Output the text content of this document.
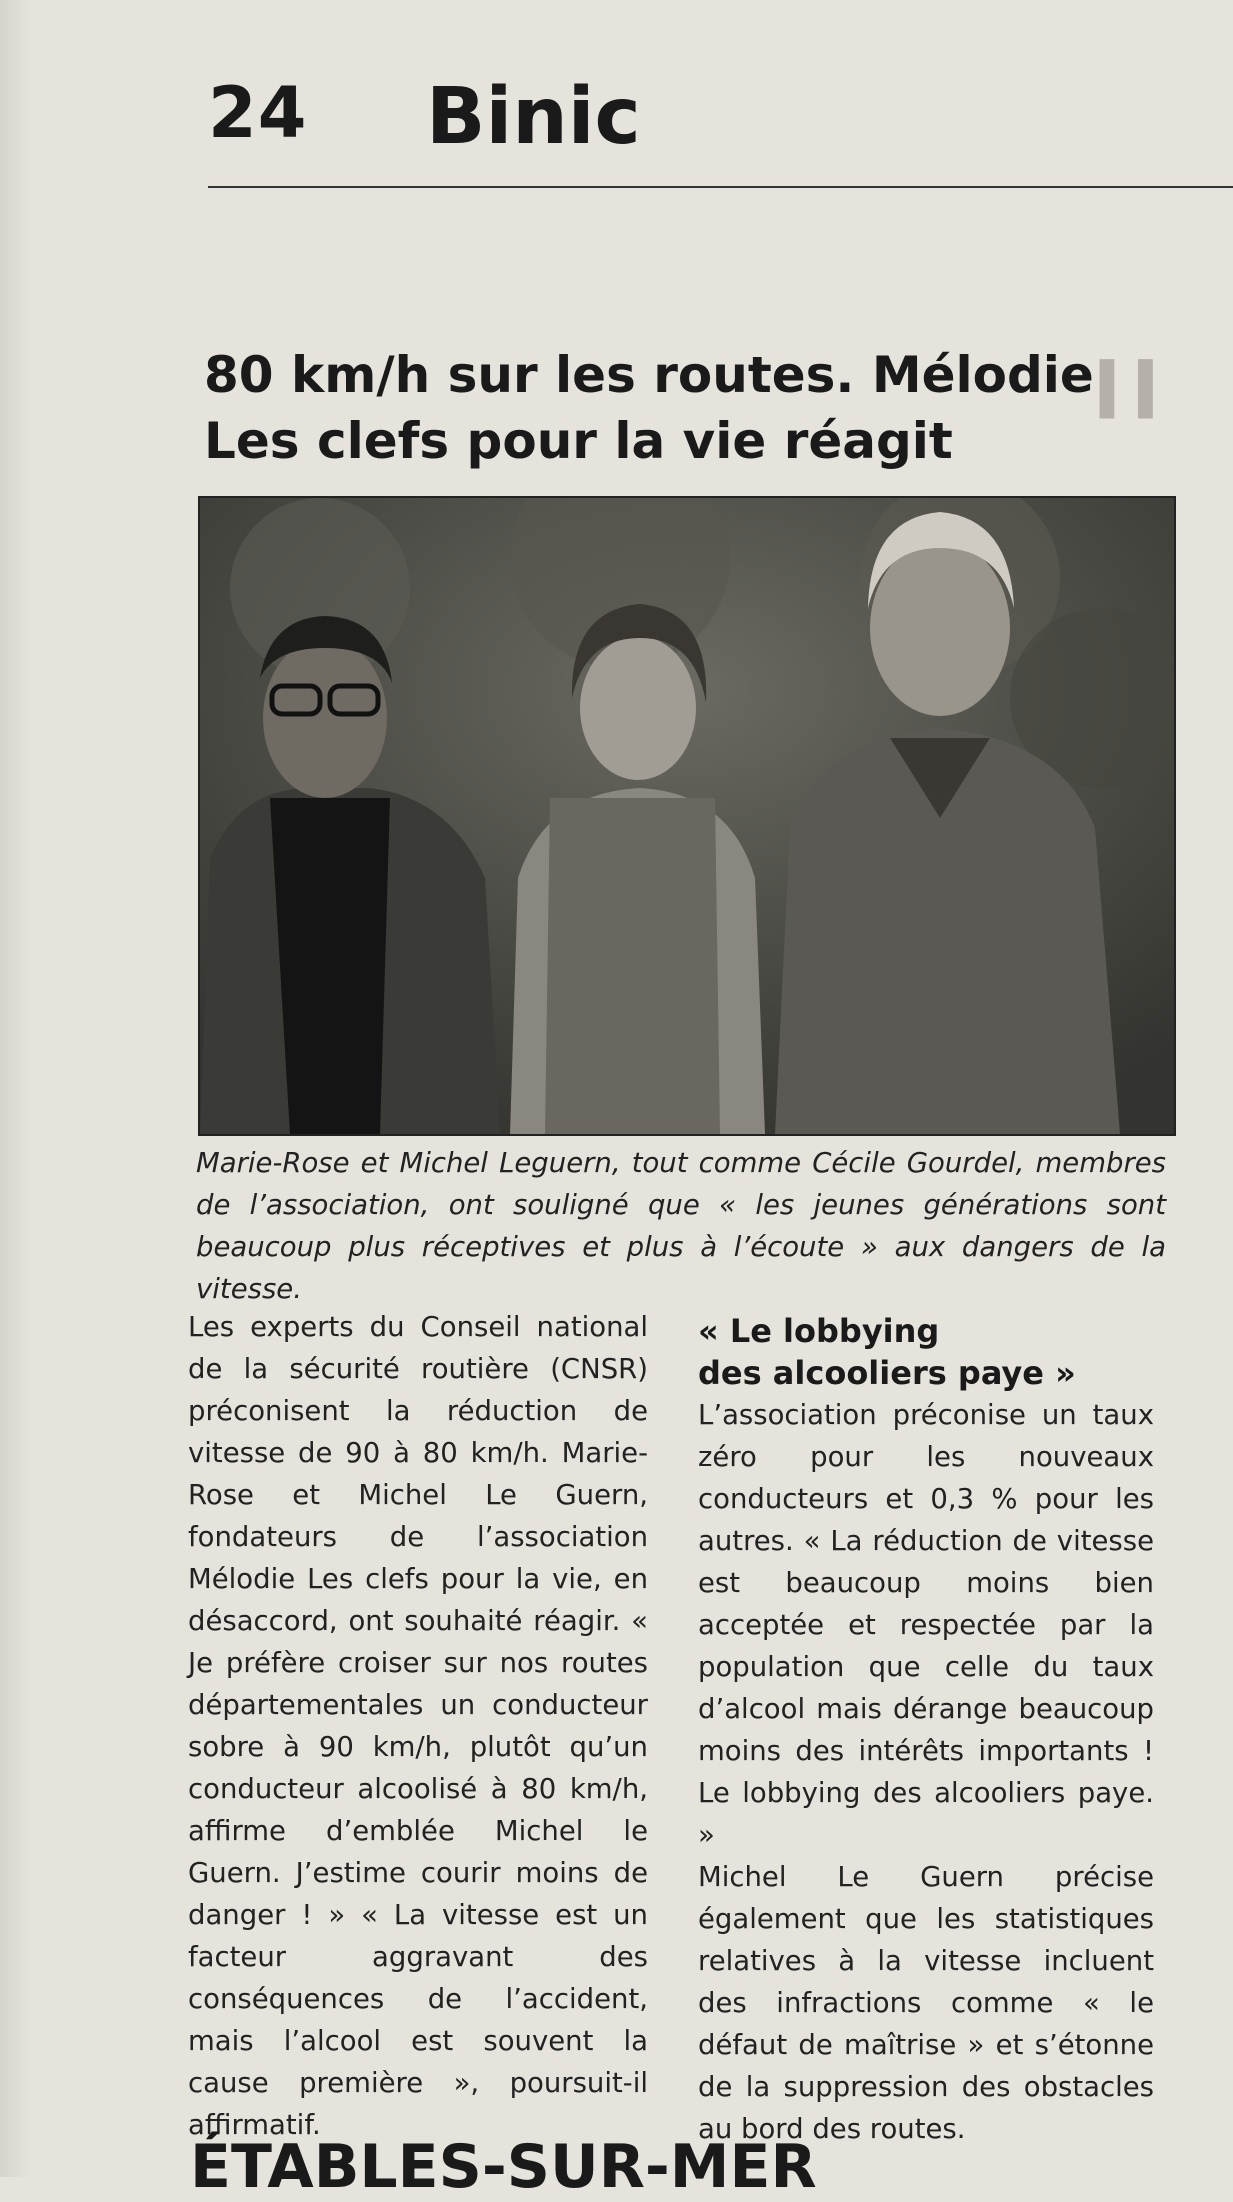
▍▍
24 Binic
80 km/h sur les routes. Mélodie
Les clefs pour la vie réagit
Marie-Rose et Michel Leguern, tout comme Cécile Gourdel, membres de l’association, ont souligné que « les jeunes générations sont beaucoup plus réceptives et plus à l’écoute » aux dangers de la vitesse.
Les experts du Conseil national de la sécurité routière (CNSR) préconisent la réduction de vitesse de 90 à 80 km/h. Marie-Rose et Michel Le Guern, fondateurs de l’association Mélodie Les clefs pour la vie, en désaccord, ont souhaité réagir. « Je préfère croiser sur nos routes départementales un conducteur sobre à 90 km/h, plutôt qu’un conducteur alcoolisé à 80 km/h, affirme d’emblée Michel le Guern. J’estime courir moins de danger ! » « La vitesse est un facteur aggravant des conséquences de l’accident, mais l’alcool est souvent la cause première », poursuit-il affirmatif.
« Le lobbying
des alcooliers paye »
L’association préconise un taux zéro pour les nouveaux conducteurs et 0,3 % pour les autres. « La réduction de vitesse est beaucoup moins bien acceptée et respectée par la population que celle du taux d’alcool mais dérange beaucoup moins des intérêts importants ! Le lobbying des alcooliers paye. »
Michel Le Guern précise également que les statistiques relatives à la vitesse incluent des infractions comme « le défaut de maîtrise » et s’étonne de la suppression des obstacles au bord des routes.
ÉTABLES-SUR-MER
